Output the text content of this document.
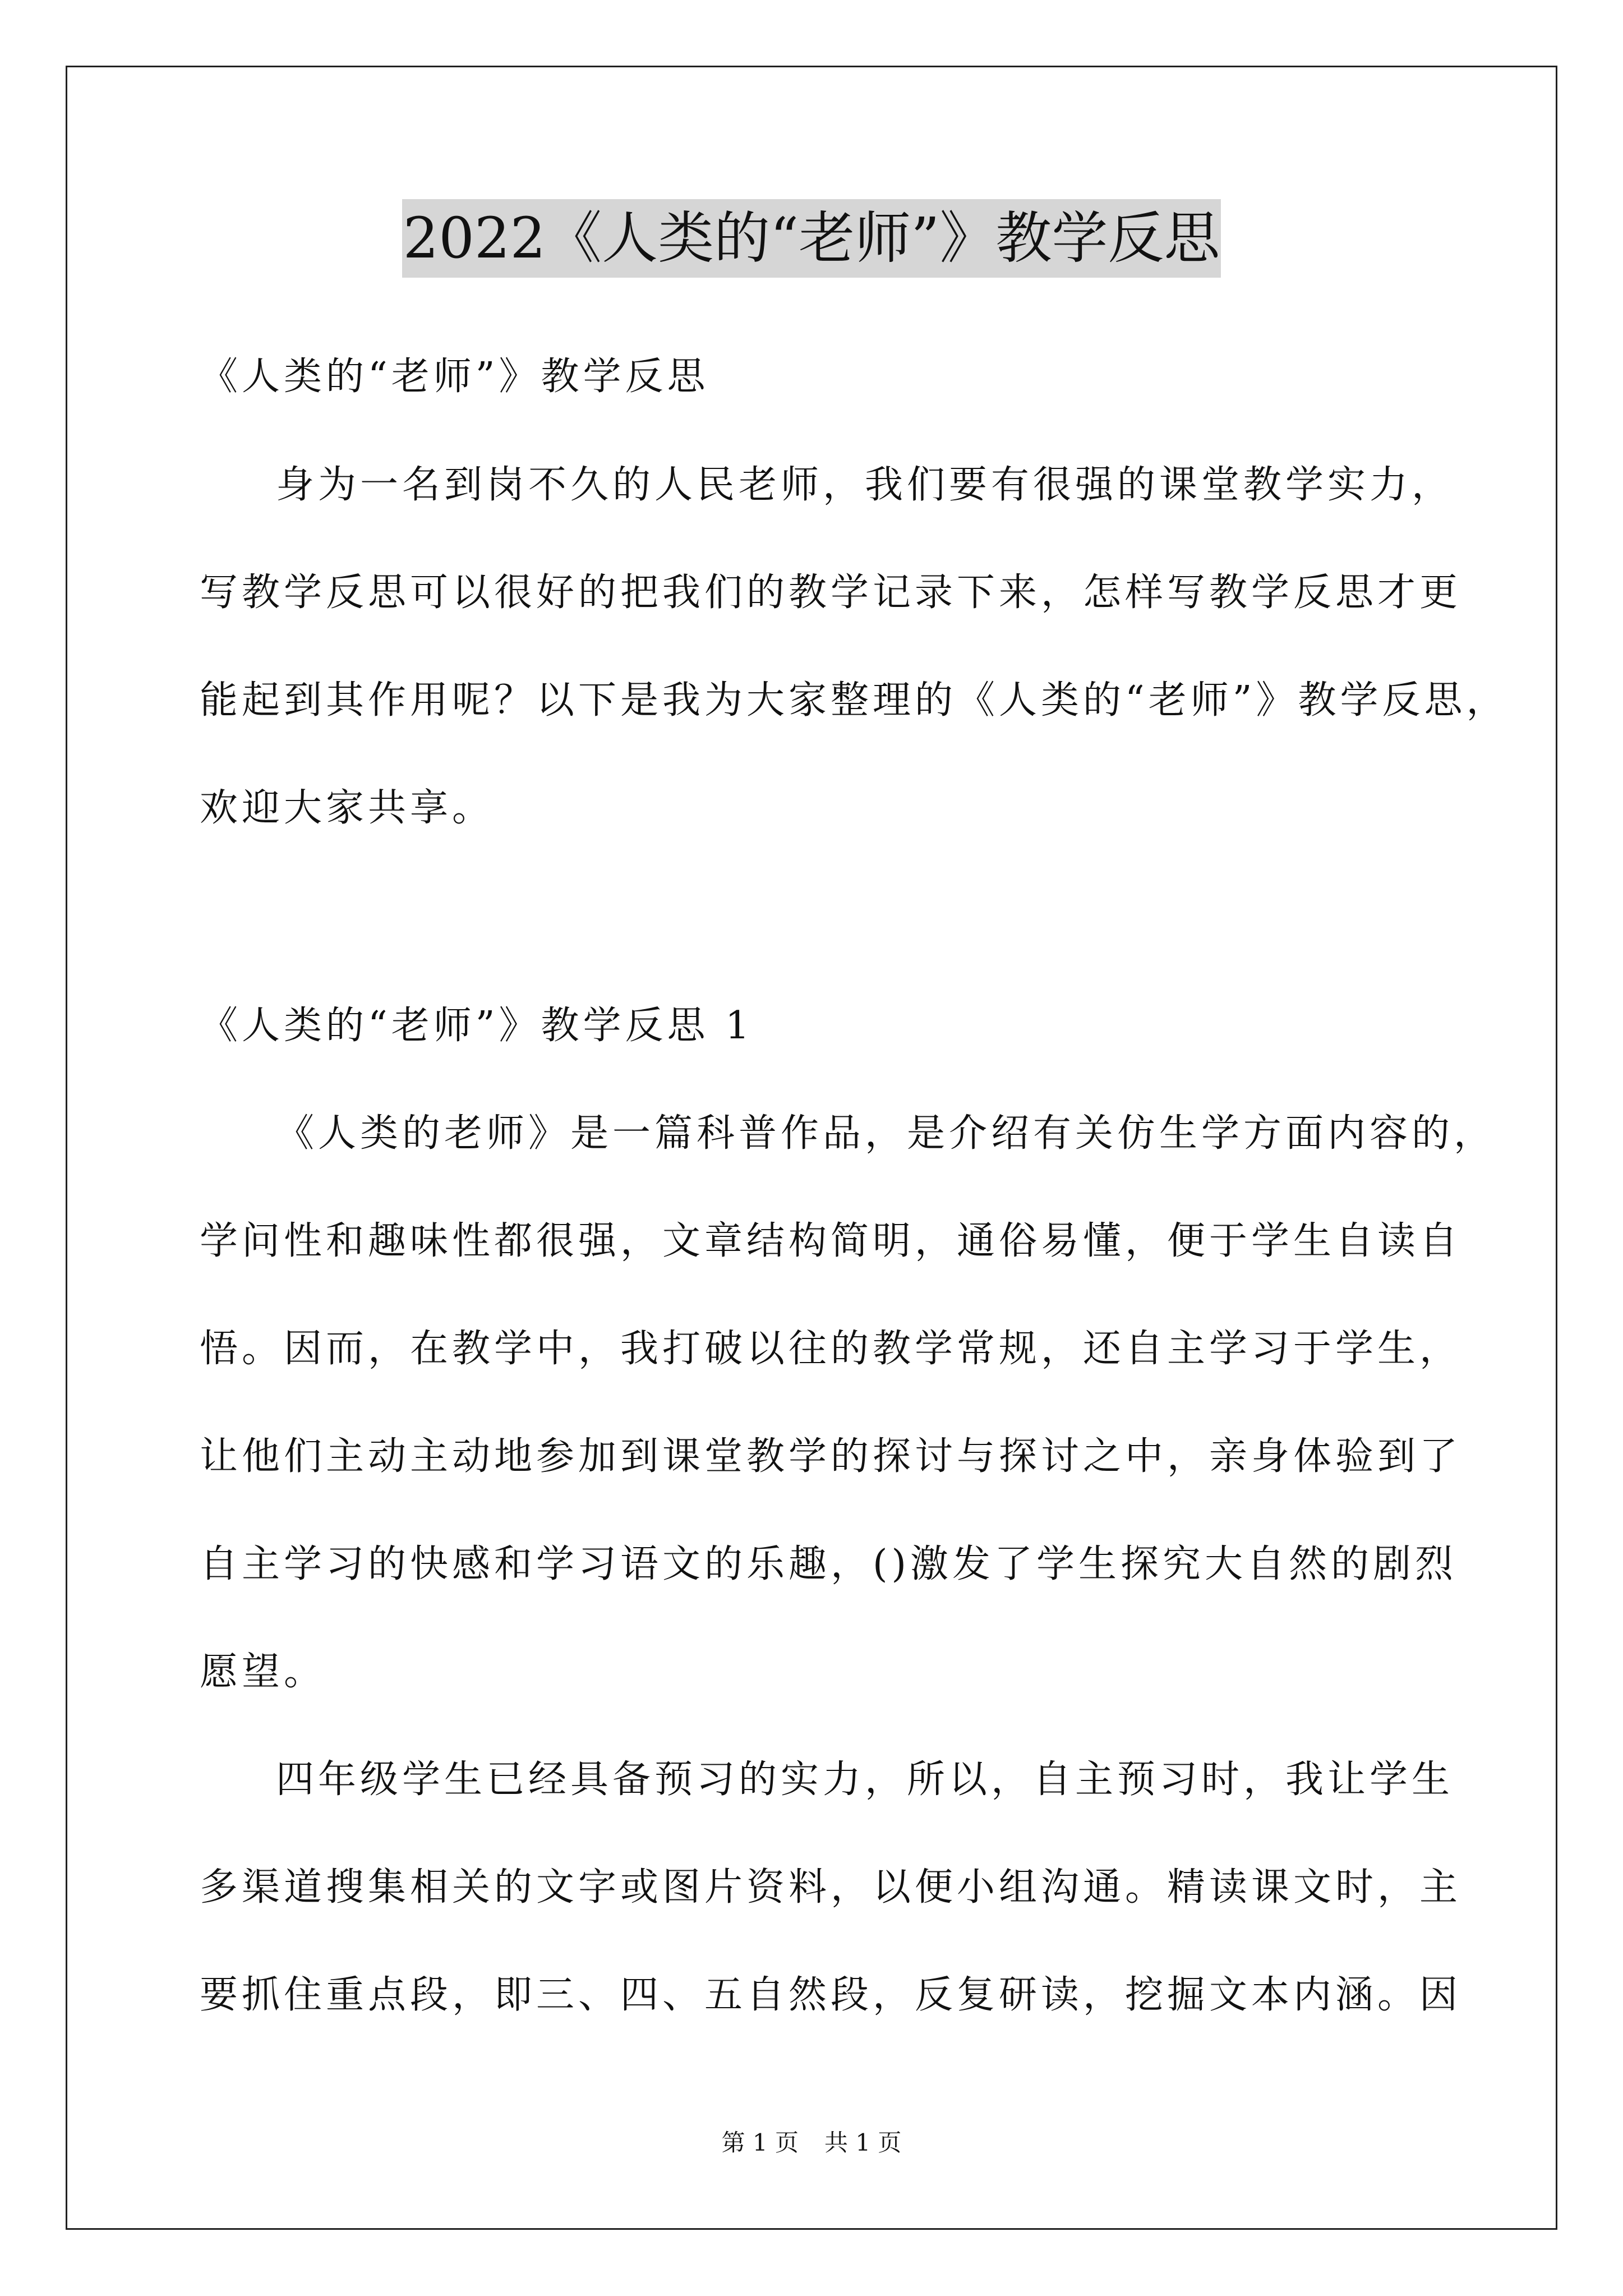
2022《人类的“老师”》教学反思
《人类的“老师”》教学反思
身为一名到岗不久的人民老师，我们要有很强的课堂教学实力，
写教学反思可以很好的把我们的教学记录下来，怎样写教学反思才更
能起到其作用呢？以下是我为大家整理的《人类的“老师”》教学反思，
欢迎大家共享。
《人类的“老师”》教学反思 1
《人类的老师》是一篇科普作品，是介绍有关仿生学方面内容的，
学问性和趣味性都很强，文章结构简明，通俗易懂，便于学生自读自
悟。因而，在教学中，我打破以往的教学常规，还自主学习于学生，
让他们主动主动地参加到课堂教学的探讨与探讨之中，亲身体验到了
自主学习的快感和学习语文的乐趣，()激发了学生探究大自然的剧烈
愿望。
四年级学生已经具备预习的实力，所以，自主预习时，我让学生
多渠道搜集相关的文字或图片资料，以便小组沟通。精读课文时，主
要抓住重点段，即三、四、五自然段，反复研读，挖掘文本内涵。因
第 1 页 共 1 页
